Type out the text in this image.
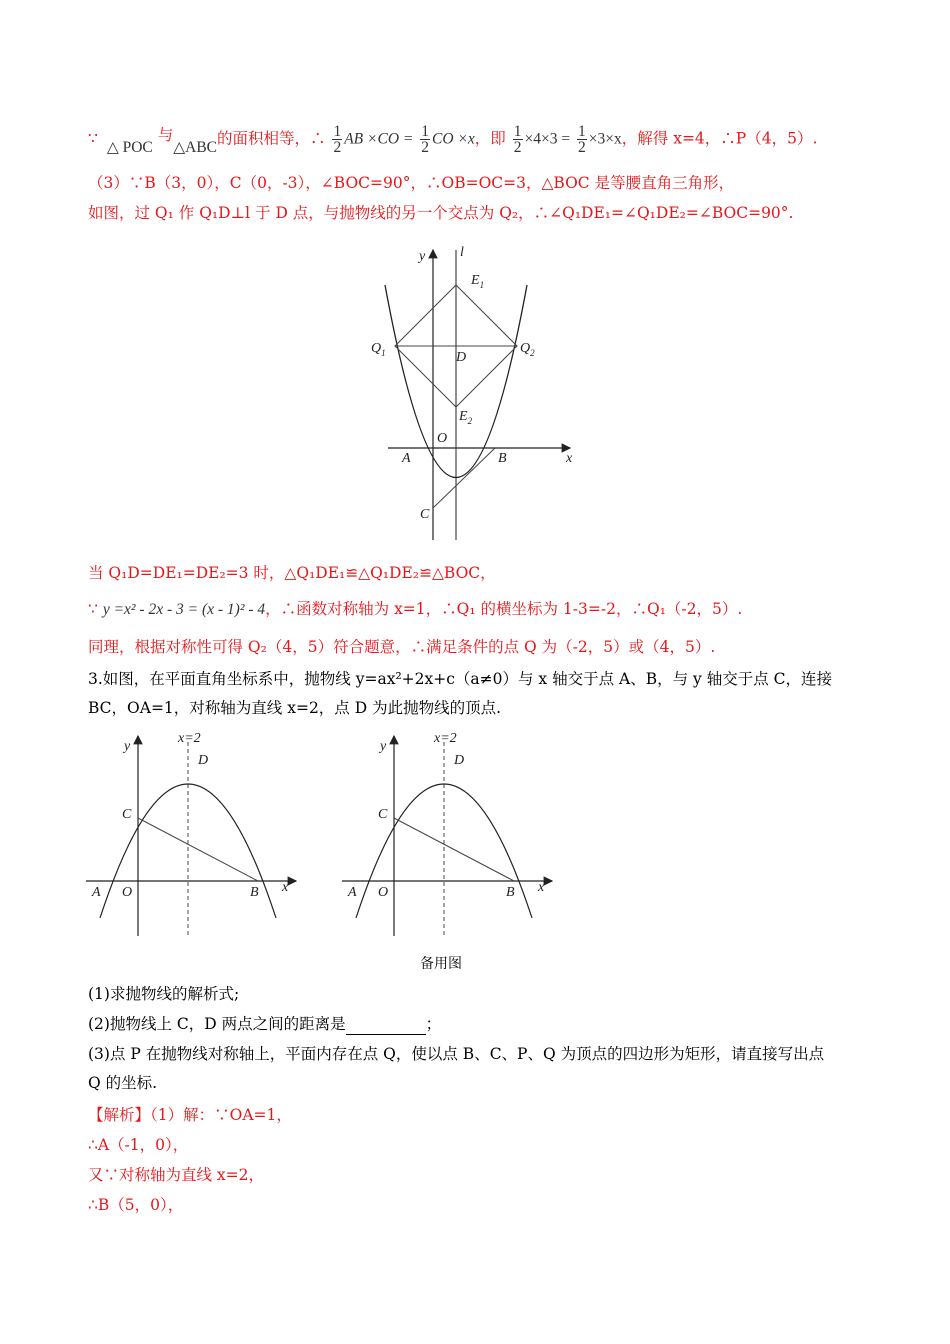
∵ △ POC 与△ABC的面积相等，∴ $\frac{1}{2}$ AB $\times CO = \frac{1}{2}$ CO ×x，即 $\frac{1}{2} \times 4\times 3 = \frac{1}{2} \times 3\times x$，解得 x=4，∴P（4，5）.
（3）∵B（3，0），C（0，-3），∠BOC=90°，∴OB=OC=3，△BOC 是等腰直角三角形，
如图，过 Q₁ 作 Q₁D⊥l 于 D 点，与抛物线的另一个交点为 Q₂，∴∠Q₁DE₁=∠Q₁DE₂=∠BOC=90°.
y l
$E_1$
$Q_1$	D
$Q_2$
$E_2$
O
A	B	x
C
当 Q₁D=DE₁=DE₂=3 时，△Q₁DE₁≌△Q₁DE₂≌△BOC，
∵ y =x² - 2x - 3 = (x - 1)² - 4，∴函数对称轴为 x=1，∴Q₁ 的横坐标为 1-3=-2，∴Q₁（-2，5）.
同理，根据对称性可得 Q₂（4，5）符合题意，∴满足条件的点 Q 为（-2，5）或（4，5）.
3.如图，在平面直角坐标系中，抛物线 y=ax²+2x+c（a≠0）与 x 轴交于点 A、B，与 y 轴交于点 C，连接
BC，OA=1，对称轴为直线 x=2，点 D 为此抛物线的顶点.
y
x=2
D
C
A O	B x
y
x=2
D
C
A O	B x
备用图
(1)求抛物线的解析式;
(2)抛物线上 C，D 两点之间的距离是	；
(3)点 P 在抛物线对称轴上，平面内存在点 Q，使以点 B、C、P、Q 为顶点的四边形为矩形，请直接写出点
Q 的坐标.
【解析】（1）解：∵OA=1，
∴A（-1，0），
又∵对称轴为直线 x=2，
∴B（5，0），
